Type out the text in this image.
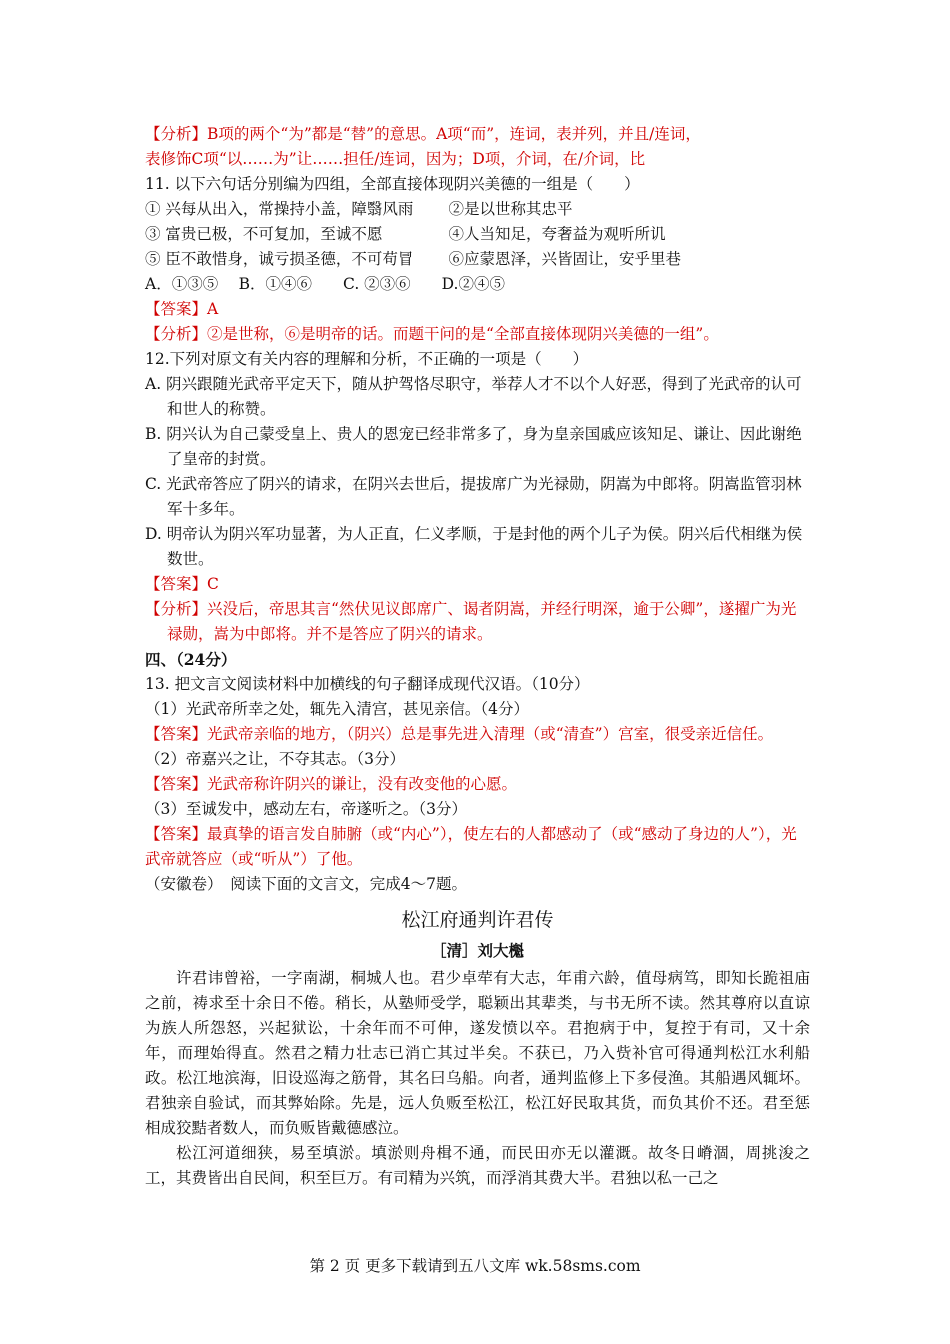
【分析】B项的两个“为”都是“替”的意思。A项“而”，连词，表并列，并且/连词，
表修饰C项“以……为”让……担任/连词，因为；D项，介词，在/介词，比
11. 以下六句话分别编为四组，全部直接体现阴兴美德的一组是（　　）
① 兴每从出入，常操持小盖，障翳风雨	②是以世称其忠平
③ 富贵已极，不可复加，至诚不愿	④人当知足，夸奢益为观听所讥
⑤ 臣不敢惜身，诚亏损圣德，不可苟冒	⑥应蒙恩泽，兴皆固让，安乎里巷
A．①③⑤　 B．①④⑥　　C. ②③⑥　　D.②④⑤
【答案】A
【分析】②是世称，⑥是明帝的话。而题干问的是“全部直接体现阴兴美德的一组”。
12.下列对原文有关内容的理解和分析，不正确的一项是（　　）
A. 阴兴跟随光武帝平定天下，随从护驾恪尽职守，举荐人才不以个人好恶，得到了光武帝的认可和世人的称赞。
B. 阴兴认为自己蒙受皇上、贵人的恩宠已经非常多了，身为皇亲国戚应该知足、谦让、因此谢绝了皇帝的封赏。
C. 光武帝答应了阴兴的请求，在阴兴去世后，提拔席广为光禄勋，阴嵩为中郎将。阴嵩监管羽林军十多年。
D. 明帝认为阴兴军功显著，为人正直，仁义孝顺，于是封他的两个儿子为侯。阴兴后代相继为侯数世。
【答案】C
【分析】兴没后，帝思其言“然伏见议郎席广、谒者阴嵩，并经行明深，逾于公卿”，遂擢广为光禄勋，嵩为中郎将。并不是答应了阴兴的请求。
四、（24分）
13. 把文言文阅读材料中加横线的句子翻译成现代汉语。（10分）
（1）光武帝所幸之处，辄先入清宫，甚见亲信。（4分）
【答案】光武帝亲临的地方，（阴兴）总是事先进入清理（或“清查”）宫室，很受亲近信任。
（2）帝嘉兴之让，不夺其志。（3分）
【答案】光武帝称许阴兴的谦让，没有改变他的心愿。
（3）至诚发中，感动左右，帝遂听之。（3分）
【答案】最真挚的语言发自肺腑（或“内心”），使左右的人都感动了（或“感动了身边的人”），光武帝就答应（或“听从”）了他。
（安徽卷）　阅读下面的文言文，完成4～7题。
松江府通判许君传
［清］刘大櫆
许君讳曾裕，一字南湖，桐城人也。君少卓荦有大志，年甫六龄，值母病笃，即知长跪祖庙之前，祷求至十余日不倦。稍长，从塾师受学，聪颖出其辈类，与书无所不读。然其尊府以直谅为族人所怨怒，兴起狱讼，十余年而不可伸，遂发愤以卒。君抱病于中，复控于有司，又十余年，而理始得直。然君之精力壮志已消亡其过半矣。不获已，乃入赀补官可得通判松江水利船政。松江地滨海，旧设巡海之筋骨，其名曰乌船。向者，通判监修上下多侵渔。其船遇风辄坏。君独亲自验试，而其弊始除。先是，远人负贩至松江，松江好民取其货，而负其价不还。君至惩相成狡黠者数人，而负贩皆戴德感泣。
松江河道细狭，易至填淤。填淤则舟楫不通，而民田亦无以灌溉。故冬日嵴涸，周挑浚之工，其费皆出自民间，积至巨万。有司精为兴筑，而浮消其费大半。君独以私一己之
第 2 页 更多下载请到五八文库 wk.58sms.com
